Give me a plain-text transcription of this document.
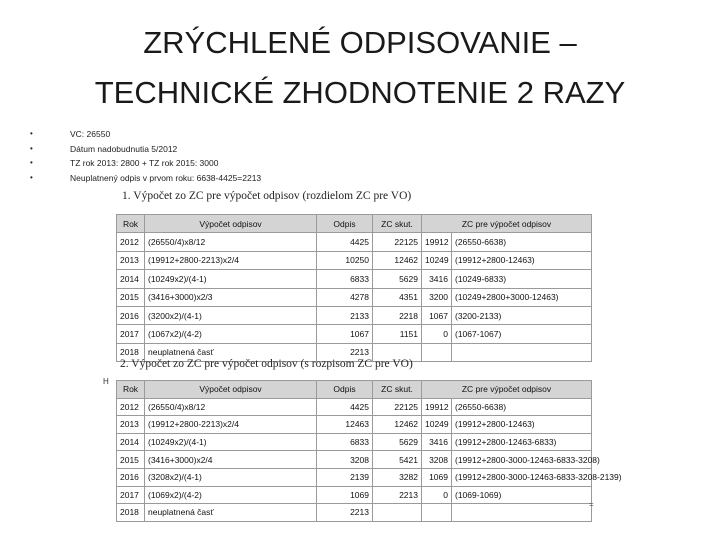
ZRÝCHLENÉ ODPISOVANIE –
TECHNICKÉ ZHODNOTENIE 2 RAZY
•	VC: 26550
•	Dátum nadobudnutia 5/2012
•	TZ rok 2013: 2800 + TZ rok 2015: 3000
•	Neuplatnený odpis v prvom roku: 6638-4425=2213
1. Výpočet zo ZC pre výpočet odpisov (rozdielom ZC pre VO)
Rok	Výpočet odpisov	Odpis	ZC skut.	ZC pre výpočet odpisov	
2012	(26550/4)x8/12	4425	22125	19912	(26550-6638)
2013	(19912+2800-2213)x2/4	10250	12462	10249	(19912+2800-12463)
2014	(10249x2)/(4-1)	6833	5629	3416	(10249-6833)
2015	(3416+3000)x2/3	4278	4351	3200	(10249+2800+3000-12463)
2016	(3200x2)/(4-1)	2133	2218	1067	(3200-2133)
2017	(1067x2)/(4-2)	1067	1151	0	(1067-1067)
2018	neuplatnená časť	2213			
2. Výpočet zo ZC pre výpočet odpisov (s rozpisom ZC pre VO)
H
Rok	Výpočet odpisov	Odpis	ZC skut.	ZC pre výpočet odpisov	
2012	(26550/4)x8/12	4425	22125	19912	(26550-6638)
2013	(19912+2800-2213)x2/4	12463	12462	10249	(19912+2800-12463)
2014	(10249x2)/(4-1)	6833	5629	3416	(19912+2800-12463-6833)
2015	(3416+3000)x2/4	3208	5421	3208	(19912+2800-3000-12463-6833-3208)
2016	(3208x2)/(4-1)	2139	3282	1069	(19912+2800-3000-12463-6833-3208-2139)
2017	(1069x2)/(4-2)	1069	2213	0	(1069-1069)
2018	neuplatnená časť	2213			
=
